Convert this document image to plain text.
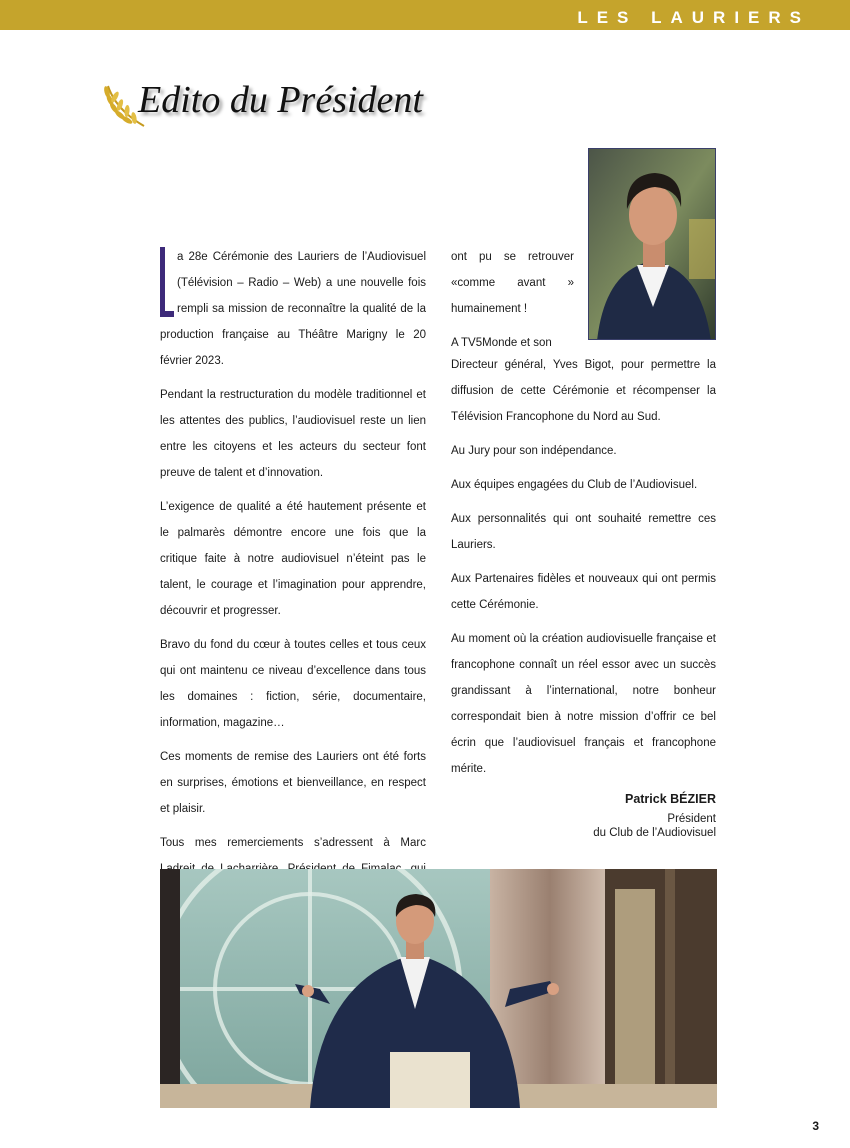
LES LAURIERS
Edito du Président

a 28e Cérémonie des Lauriers de l’Audiovisuel (Télévision – Radio – Web) a une nouvelle fois rempli sa mission de reconnaître la qualité de la production française au Théâtre Marigny le 20 février 2023.

Pendant la restructuration du modèle traditionnel et les attentes des publics, l’audiovisuel reste un lien entre les citoyens et les acteurs du secteur font preuve de talent et d’innovation.

L’exigence de qualité a été hautement présente et le palmarès démontre encore une fois que la critique faite à notre audiovisuel n’éteint pas le talent, le courage et l’imagination pour apprendre, découvrir et progresser.

Bravo du fond du cœur à toutes celles et tous ceux qui ont maintenu ce niveau d’excellence dans tous les domaines : fiction, série, documentaire, information, magazine…

Ces moments de remise des Lauriers ont été forts en surprises, émotions et bienveillance, en respect et plaisir.

Tous mes remerciements s’adressent à Marc

ont pu se retrouver «comme avant » humainement !

A TV5Monde et son

Directeur général, Yves Bigot, pour permettre la diffusion de cette Cérémonie et récompenser la Télévision Francophone du Nord au Sud.

Au Jury pour son indépendance.

Aux équipes engagées du Club de l’Audiovisuel.

Aux personnalités qui ont souhaité remettre ces Lauriers.

Aux Partenaires fidèles et nouveaux qui ont permis cette Cérémonie.

Au moment où la création audiovisuelle française et francophone connaît un réel essor avec un succès grandissant à l’international, notre bonheur correspondait bien à notre mission d’offrir ce bel écrin que l’audiovisuel français et francophone mérite.

Patrick BÉZIER
Président
du Club de l’Audiovisuel
3
